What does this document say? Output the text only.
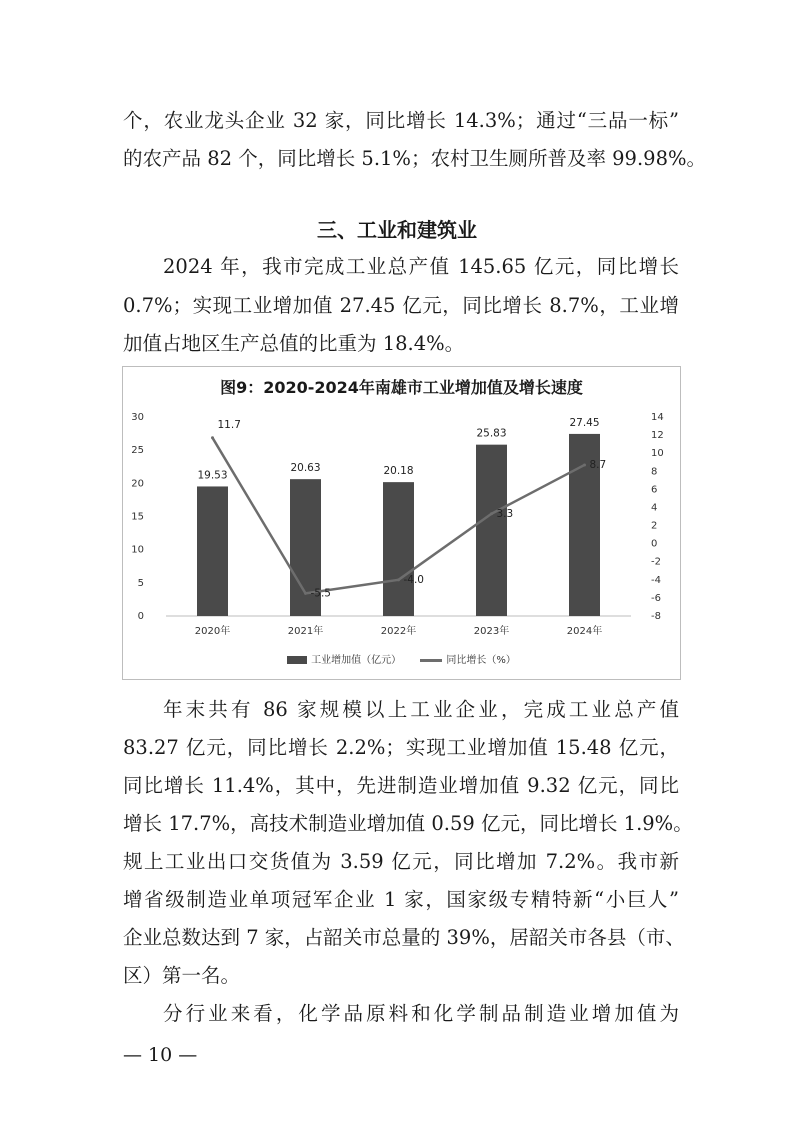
个，农业龙头企业 32 家，同比增长 14.3%；通过“三品一标”
的农产品 82 个，同比增长 5.1%；农村卫生厕所普及率 99.98%。
三、工业和建筑业
2024 年，我市完成工业总产值 145.65 亿元，同比增长
0.7%；实现工业增加值 27.45 亿元，同比增长 8.7%，工业增
加值占地区生产总值的比重为 18.4%。
图9：2020-2024年南雄市工业增加值及增长速度
0
5
10
15
20
25
30
-8
-6
-4
-2
0
2
4
6
8
10
12
14
19.53
20.63	20.18
25.83
27.45
2020年	2021年	2022年	2023年	2024年
11.7
-5.5
-4.0
3.3
8.7
工业增加值（亿元）	同比增长（%）
年末共有 86 家规模以上工业企业，完成工业总产值
83.27 亿元，同比增长 2.2%；实现工业增加值 15.48 亿元，
同比增长 11.4%，其中，先进制造业增加值 9.32 亿元，同比
增长 17.7%，高技术制造业增加值 0.59 亿元，同比增长 1.9%。
规上工业出口交货值为 3.59 亿元，同比增加 7.2%。我市新
增省级制造业单项冠军企业 1 家，国家级专精特新“小巨人”
企业总数达到 7 家，占韶关市总量的 39%，居韶关市各县（市、
区）第一名。
分行业来看，化学品原料和化学制品制造业增加值为
— 10 —
